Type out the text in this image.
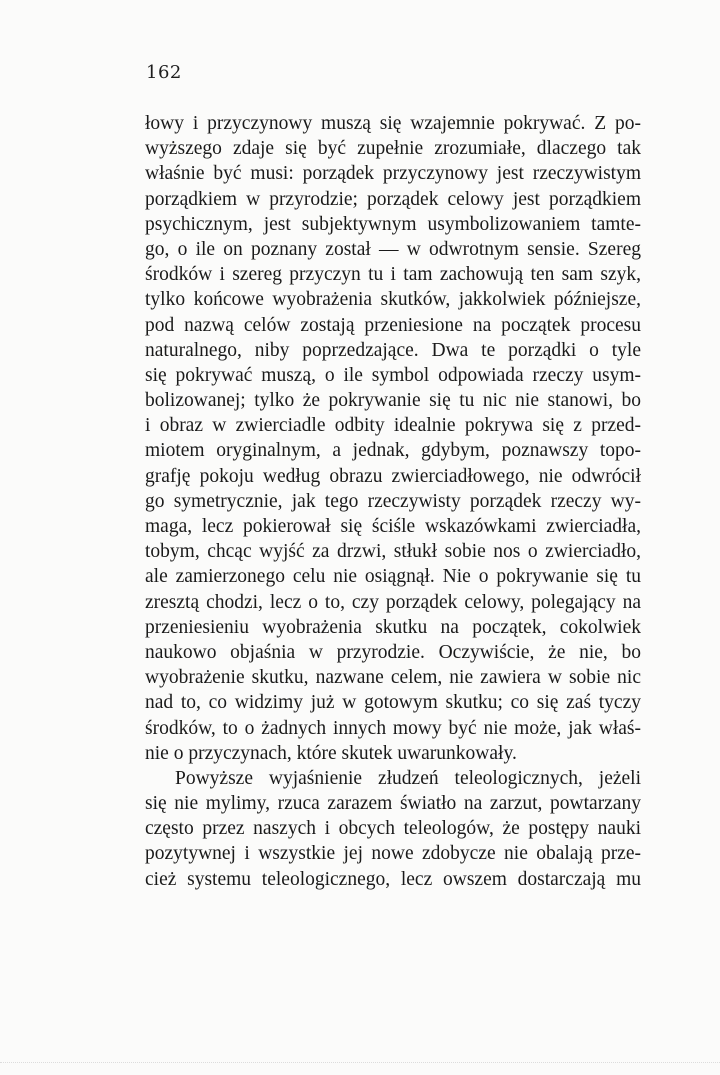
162
łowy i przyczynowy muszą się wzajemnie pokrywać. Z po-
wyższego zdaje się być zupełnie zrozumiałe, dlaczego tak
właśnie być musi: porządek przyczynowy jest rzeczywistym
porządkiem w przyrodzie; porządek celowy jest porządkiem
psychicznym, jest subjektywnym usymbolizowaniem tamte-
go, o ile on poznany został — w odwrotnym sensie. Szereg
środków i szereg przyczyn tu i tam zachowują ten sam szyk,
tylko końcowe wyobrażenia skutków, jakkolwiek późniejsze,
pod nazwą celów zostają przeniesione na początek procesu
naturalnego, niby poprzedzające. Dwa te porządki o tyle
się pokrywać muszą, o ile symbol odpowiada rzeczy usym-
bolizowanej; tylko że pokrywanie się tu nic nie stanowi, bo
i obraz w zwierciadle odbity idealnie pokrywa się z przed-
miotem oryginalnym, a jednak, gdybym, poznawszy topo-
grafję pokoju według obrazu zwierciadłowego, nie odwrócił
go symetrycznie, jak tego rzeczywisty porządek rzeczy wy-
maga, lecz pokierował się ściśle wskazówkami zwierciadła,
tobym, chcąc wyjść za drzwi, stłukł sobie nos o zwierciadło,
ale zamierzonego celu nie osiągnął. Nie o pokrywanie się tu
zresztą chodzi, lecz o to, czy porządek celowy, polegający na
przeniesieniu wyobrażenia skutku na początek, cokolwiek
naukowo objaśnia w przyrodzie. Oczywiście, że nie, bo
wyobrażenie skutku, nazwane celem, nie zawiera w sobie nic
nad to, co widzimy już w gotowym skutku; co się zaś tyczy
środków, to o żadnych innych mowy być nie może, jak właś-
nie o przyczynach, które skutek uwarunkowały.
Powyższe wyjaśnienie złudzeń teleologicznych, jeżeli
się nie mylimy, rzuca zarazem światło na zarzut, powtarzany
często przez naszych i obcych teleologów, że postępy nauki
pozytywnej i wszystkie jej nowe zdobycze nie obalają prze-
cież systemu teleologicznego, lecz owszem dostarczają mu
